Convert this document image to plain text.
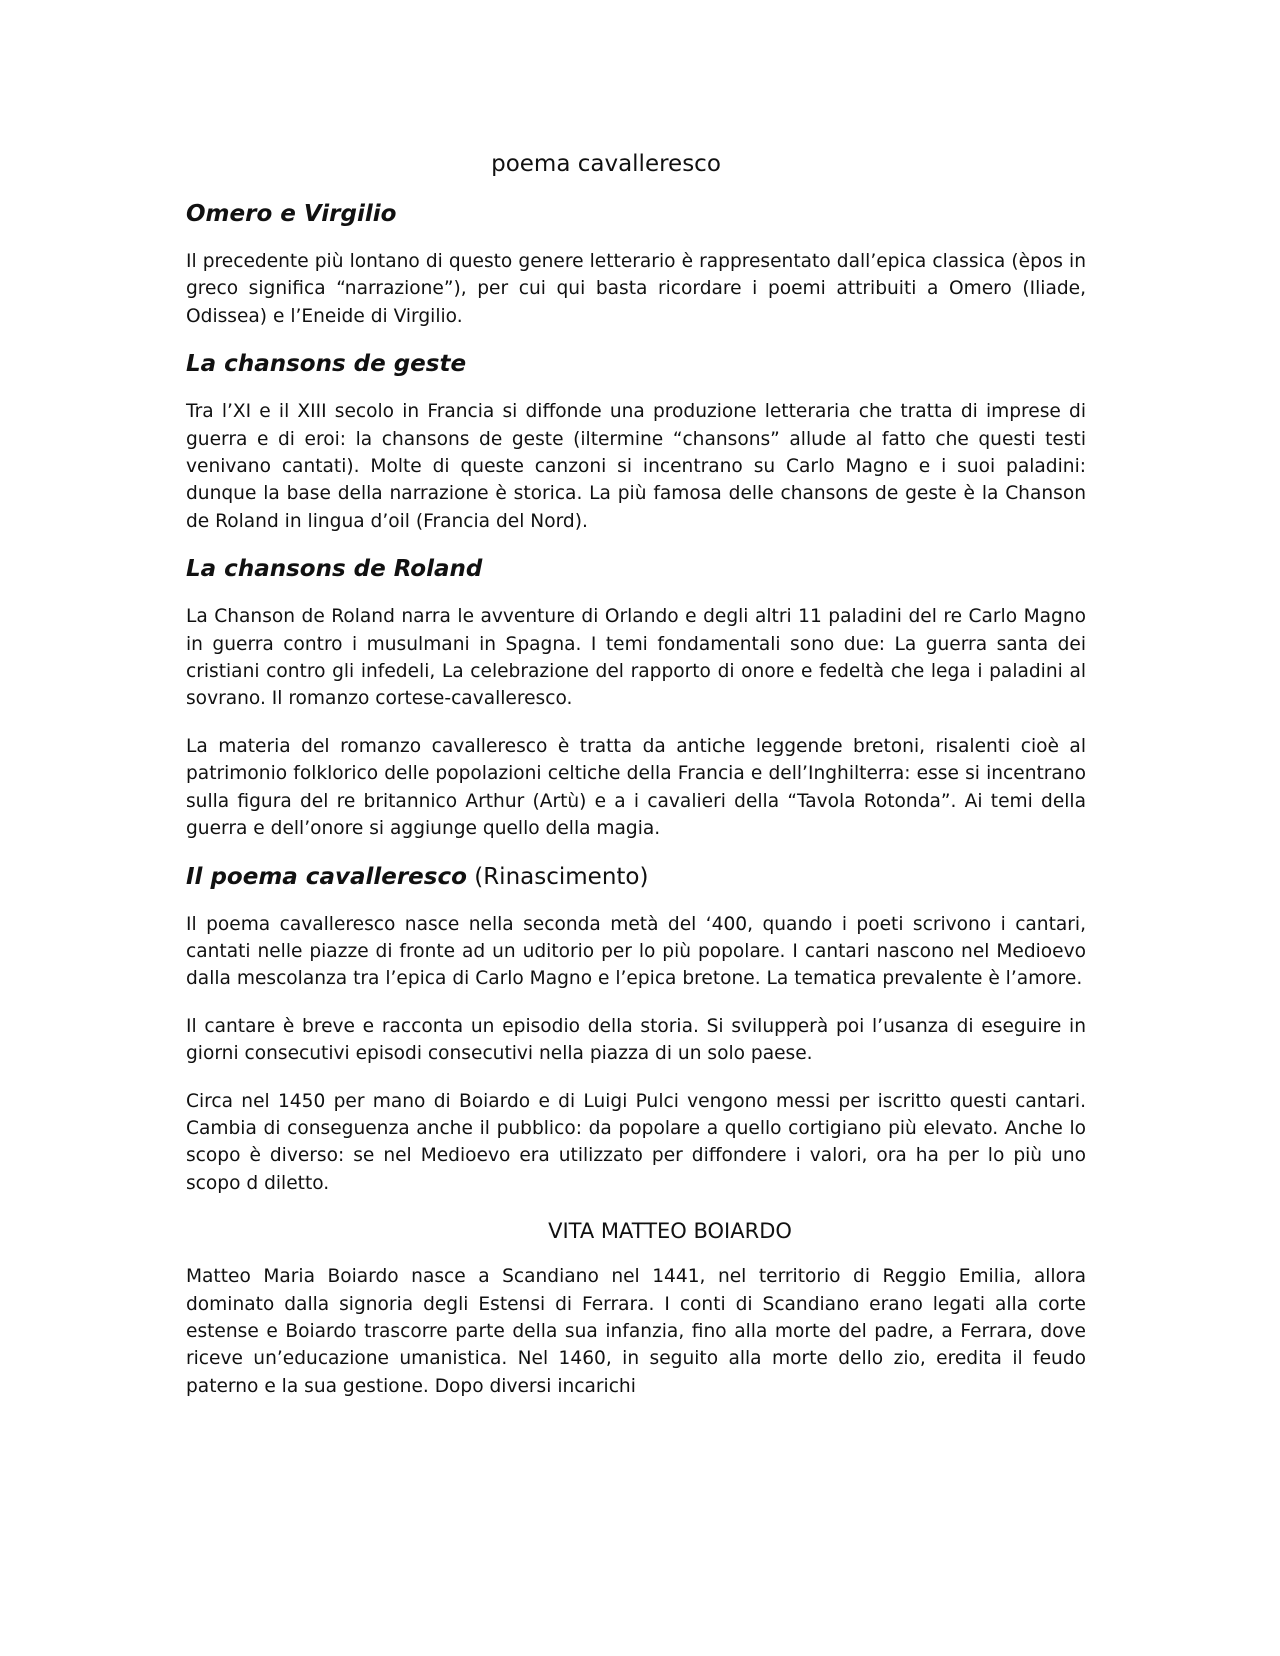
poema cavalleresco
Omero e Virgilio

Il precedente più lontano di questo genere letterario è rappresentato dall’epica classica (èpos in greco significa “narrazione”), per cui qui basta ricordare i poemi attribuiti a Omero (Iliade, Odissea) e l’Eneide di Virgilio.

La chansons de geste

Tra l’XI e il XIII secolo in Francia si diffonde una produzione letteraria che tratta di imprese di guerra e di eroi: la chansons de geste (iltermine “chansons” allude al fatto che questi testi venivano cantati). Molte di queste canzoni si incentrano su Carlo Magno e i suoi paladini: dunque la base della narrazione è storica. La più famosa delle chansons de geste è la Chanson de Roland in lingua d’oil (Francia del Nord).

La chansons de Roland

La Chanson de Roland narra le avventure di Orlando e degli altri 11 paladini del re Carlo Magno in guerra contro i musulmani in Spagna. I temi fondamentali sono due: La guerra santa dei cristiani contro gli infedeli, La celebrazione del rapporto di onore e fedeltà che lega i paladini al sovrano. Il romanzo cortese-cavalleresco.

La materia del romanzo cavalleresco è tratta da antiche leggende bretoni, risalenti cioè al patrimonio folklorico delle popolazioni celtiche della Francia e dell’Inghilterra: esse si incentrano sulla figura del re britannico Arthur (Artù) e a i cavalieri della “Tavola Rotonda”. Ai temi della guerra e dell’onore si aggiunge quello della magia.

Il poema cavalleresco (Rinascimento)

Il poema cavalleresco nasce nella seconda metà del ‘400, quando i poeti scrivono i cantari, cantati nelle piazze di fronte ad un uditorio per lo più popolare. I cantari nascono nel Medioevo dalla mescolanza tra l’epica di Carlo Magno e l’epica bretone. La tematica prevalente è l’amore.

Il cantare è breve e racconta un episodio della storia. Si svilupperà poi l’usanza di eseguire in giorni consecutivi episodi consecutivi nella piazza di un solo paese.

Circa nel 1450 per mano di Boiardo e di Luigi Pulci vengono messi per iscritto questi cantari. Cambia di conseguenza anche il pubblico: da popolare a quello cortigiano più elevato. Anche lo scopo è diverso: se nel Medioevo era utilizzato per diffondere i valori, ora ha per lo più uno scopo d diletto.

VITA MATTEO BOIARDO

Matteo Maria Boiardo nasce a Scandiano nel 1441, nel territorio di Reggio Emilia, allora dominato dalla signoria degli Estensi di Ferrara. I conti di Scandiano erano legati alla corte estense e Boiardo trascorre parte della sua infanzia, fino alla morte del padre, a Ferrara, dove riceve un’educazione umanistica. Nel 1460, in seguito alla morte dello zio, eredita il feudo paterno e la sua gestione. Dopo diversi incarichi
